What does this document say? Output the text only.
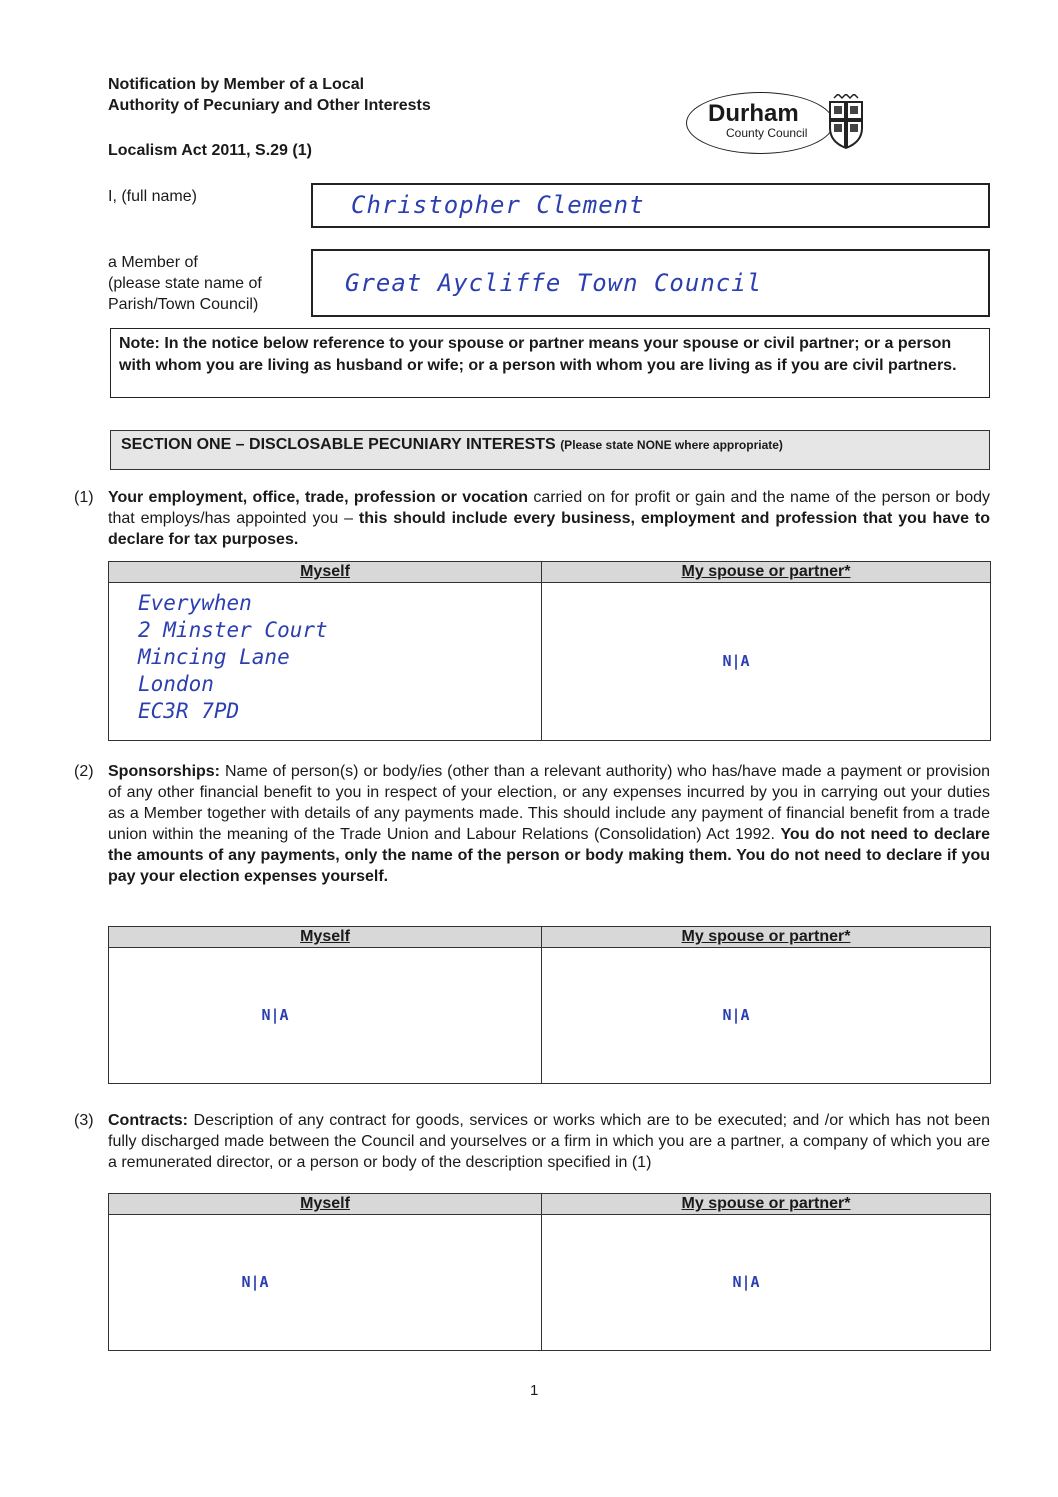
Notification by Member of a Local
Authority of Pecuniary and Other Interests
Localism Act 2011, S.29 (1)
Durham
County Council
I, (full name)	Christopher Clement
a Member of
(please state name of
Parish/Town Council)
Great Aycliffe Town Council
Note: In the notice below reference to your spouse or partner means your spouse or civil partner; or a person with whom you are living as husband or wife; or a person with whom you are living as if you are civil partners.
SECTION ONE – DISCLOSABLE PECUNIARY INTERESTS (Please state NONE where appropriate)
(1) Your employment, office, trade, profession or vocation carried on for profit or gain and the name of the person or body that employs/has appointed you – this should include every business, employment and profession that you have to declare for tax purposes.
Myself	My spouse or partner*

Everywhen
2 Minster Court
Mincing Lane
London
EC3R 7PD	N|A
(2) Sponsorships: Name of person(s) or body/ies (other than a relevant authority) who has/have made a payment or provision of any other financial benefit to you in respect of your election, or any expenses incurred by you in carrying out your duties as a Member together with details of any payments made. This should include any payment of financial benefit from a trade union within the meaning of the Trade Union and Labour Relations (Consolidation) Act 1992. You do not need to declare the amounts of any payments, only the name of the person or body making them. You do not need to declare if you pay your election expenses yourself.
Myself	My spouse or partner*
N|A	N|A
(3) Contracts: Description of any contract for goods, services or works which are to be executed; and /or which has not been fully discharged made between the Council and yourselves or a firm in which you are a partner, a company of which you are a remunerated director, or a person or body of the description specified in (1)
Myself	My spouse or partner*
N|A	N|A
1
